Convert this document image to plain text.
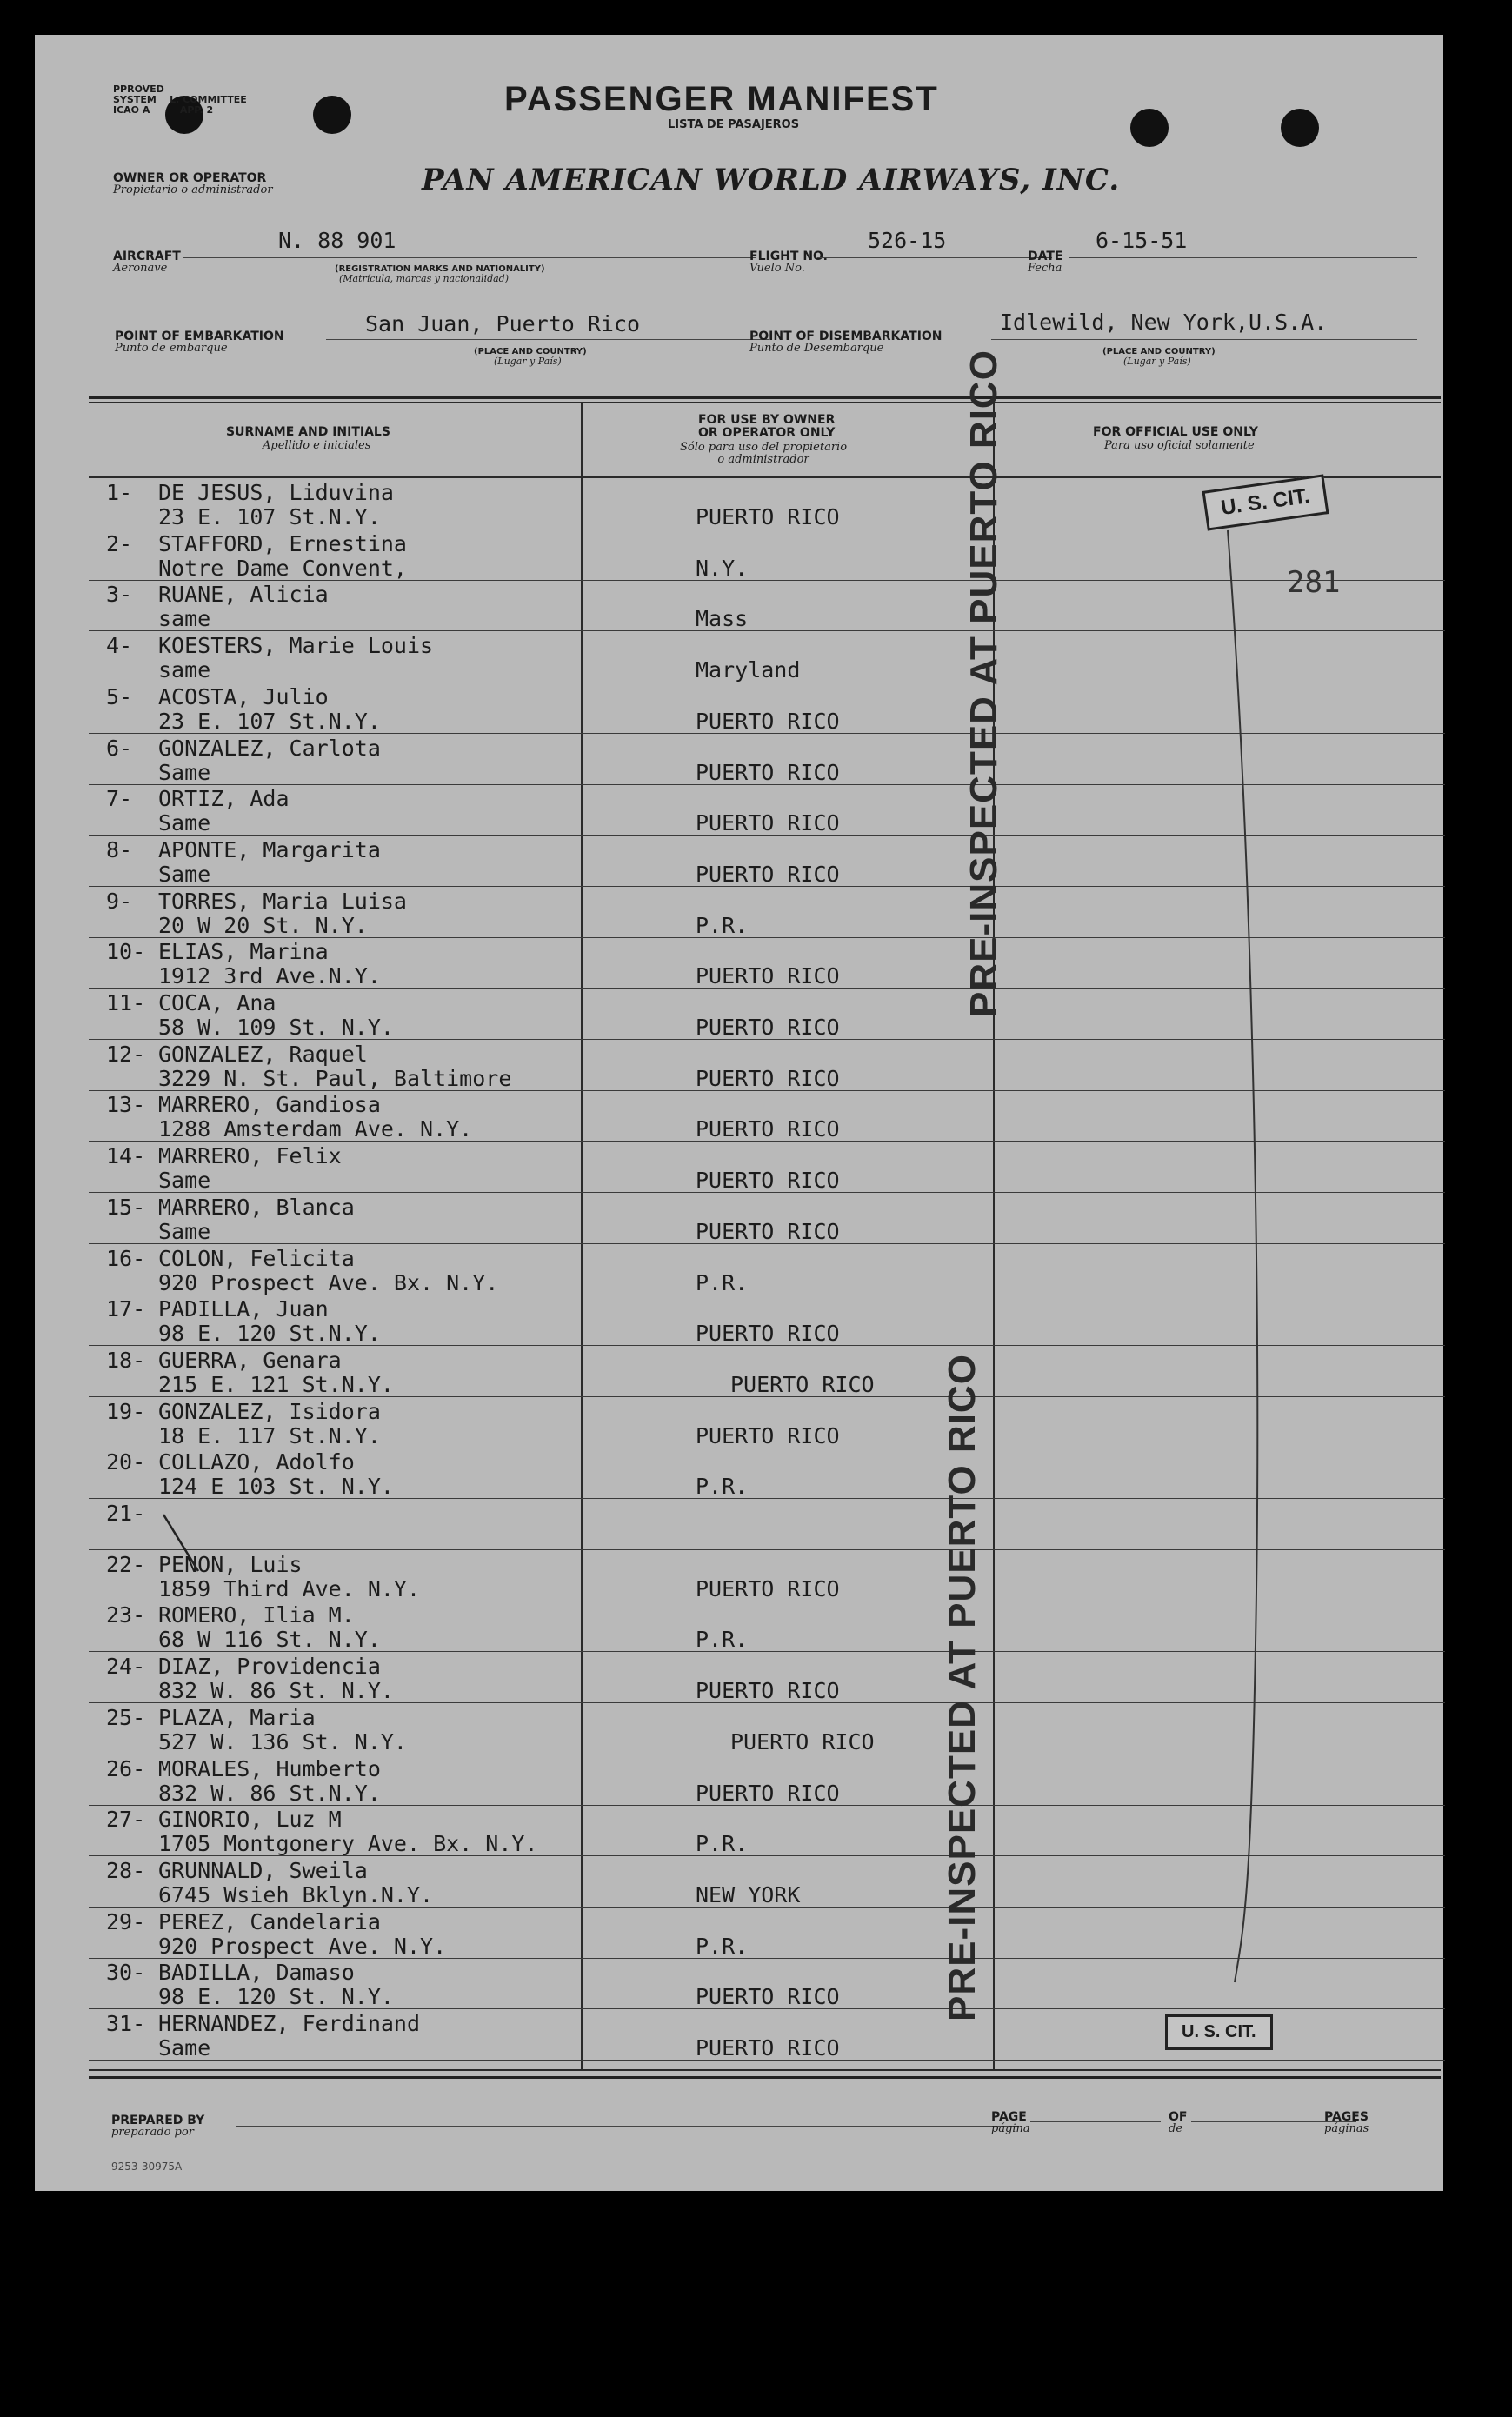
PPROVED
SYSTEM    L. COMMITTEE
ICAO A         APP. 2	PASSENGER MANIFEST
LISTA DE PASAJEROS
OWNER OR OPERATOR
Propietario o administrador	PAN AMERICAN WORLD AIRWAYS, INC.
AIRCRAFT
Aeronave
N. 88 901
(REGISTRATION MARKS AND NATIONALITY)
(Matrícula, marcas y nacionalidad)
FLIGHT NO.
Vuelo No.
526-15
DATE
Fecha
6-15-51
POINT OF EMBARKATION
Punto de embarque
San Juan, Puerto Rico
(PLACE AND COUNTRY)
(Lugar y País)
POINT OF DISEMBARKATION
Punto de Desembarque
Idlewild, New York,U.S.A.
(PLACE AND COUNTRY)
(Lugar y País)
SURNAME AND INITIALS
Apellido e iniciales
FOR USE BY OWNER
OR OPERATOR ONLY
Sólo para uso del propietario
o administrador
FOR OFFICIAL USE ONLY
Para uso oficial solamente
1- DE JESUS, Liduvina
23 E. 107 St.N.Y.	PUERTO RICO
2- STAFFORD, Ernestina
Notre Dame Convent,	N.Y.
3- RUANE, Alicia
same	Mass
4- KOESTERS, Marie Louis
same	Maryland
5- ACOSTA, Julio
23 E. 107 St.N.Y.	PUERTO RICO
6- GONZALEZ, Carlota
Same	PUERTO RICO
7- ORTIZ, Ada
Same	PUERTO RICO
8- APONTE, Margarita
Same	PUERTO RICO
9- TORRES, Maria Luisa
20 W 20 St. N.Y.	P.R.
10- ELIAS, Marina
1912 3rd Ave.N.Y.	PUERTO RICO
11- COCA, Ana
58 W. 109 St. N.Y.	PUERTO RICO
12- GONZALEZ, Raquel
3229 N. St. Paul, Baltimore	PUERTO RICO
13- MARRERO, Gandiosa
1288 Amsterdam Ave. N.Y.	PUERTO RICO
14- MARRERO, Felix
Same	PUERTO RICO
15- MARRERO, Blanca
Same	PUERTO RICO
16- COLON, Felicita
920 Prospect Ave. Bx. N.Y.	P.R.
17- PADILLA, Juan
98 E. 120 St.N.Y.	PUERTO RICO
18- GUERRA, Genara
215 E. 121 St.N.Y.	PUERTO RICO
19- GONZALEZ, Isidora
18 E. 117 St.N.Y.	PUERTO RICO
20- COLLAZO, Adolfo
124 E 103 St. N.Y.	P.R.
21-
22- PENON, Luis
1859 Third Ave. N.Y.	PUERTO RICO
23- ROMERO, Ilia M.
68 W 116 St. N.Y.	P.R.
24- DIAZ, Providencia
832 W. 86 St. N.Y.	PUERTO RICO
25- PLAZA, Maria
527 W. 136 St. N.Y.	PUERTO RICO
26- MORALES, Humberto
832 W. 86 St.N.Y.	PUERTO RICO
27- GINORIO, Luz M
1705 Montgonery Ave. Bx. N.Y.	P.R.
28- GRUNNALD, Sweila
6745 Wsieh Bklyn.N.Y.	NEW YORK
29- PEREZ, Candelaria
920 Prospect Ave. N.Y.	P.R.
30- BADILLA, Damaso
98 E. 120 St. N.Y.	PUERTO RICO
31- HERNANDEZ, Ferdinand
Same	PUERTO RICO
U. S. CIT.
281
U. S. CIT.
PRE-INSPECTED AT PUERTO RICO
PRE-INSPECTED AT PUERTO RICO
PREPARED BY
preparado por
PAGE
página
OF
de
PAGES
páginas
9253-30975A
